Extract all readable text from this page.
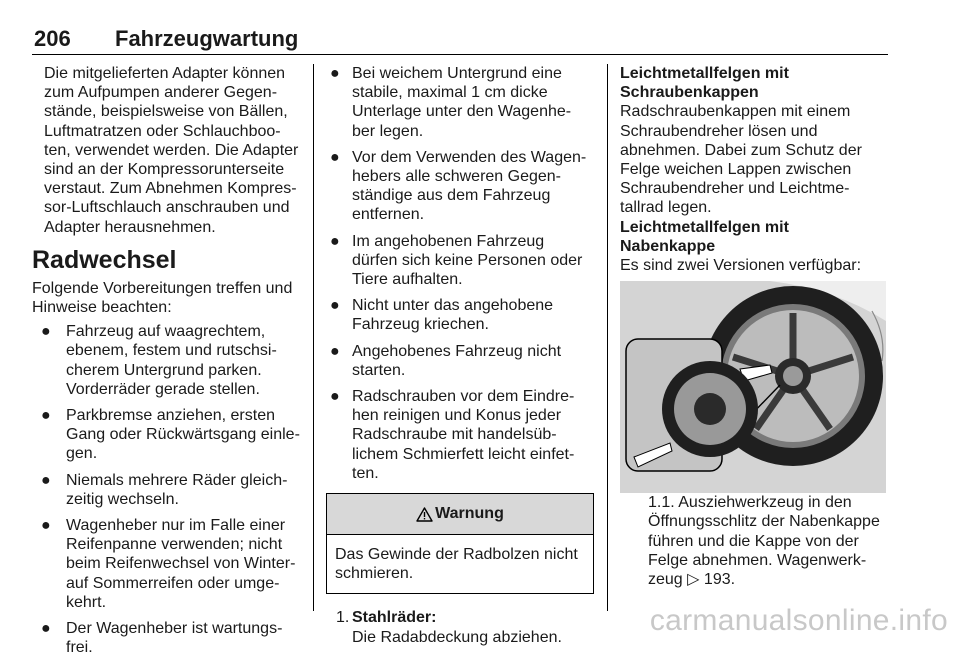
206 Fahrzeugwartung

Die mitgelieferten Adapter können
zum Aufpumpen anderer Gegen-
stände, beispielsweise von Bällen,
Luftmatratzen oder Schlauchboo-
ten, verwendet werden. Die Adapter
sind an der Kompressorunterseite
verstaut. Zum Abnehmen Kompres-
sor-Luftschlauch anschrauben und
Adapter herausnehmen.

Radwechsel

Folgende Vorbereitungen treffen und
Hinweise beachten:

● Fahrzeug auf waagrechtem,
ebenem, festem und rutschsi-
cherem Untergrund parken.
Vorderräder gerade stellen.
● Parkbremse anziehen, ersten
Gang oder Rückwärtsgang einle-
gen.
● Niemals mehrere Räder gleich-
zeitig wechseln.
● Wagenheber nur im Falle einer
Reifenpanne verwenden; nicht
beim Reifenwechsel von Winter-
auf Sommerreifen oder umge-
kehrt.
● Der Wagenheber ist wartungs-
frei.
● Bei weichem Untergrund eine
stabile, maximal 1 cm dicke
Unterlage unter den Wagenhe-
ber legen.
● Vor dem Verwenden des Wagen-
hebers alle schweren Gegen-
ständige aus dem Fahrzeug
entfernen.
● Im angehobenen Fahrzeug
dürfen sich keine Personen oder
Tiere aufhalten.
● Nicht unter das angehobene
Fahrzeug kriechen.
● Angehobenes Fahrzeug nicht
starten.
● Radschrauben vor dem Eindre-
hen reinigen und Konus jeder
Radschraube mit handelsüb-
lichem Schmierfett leicht einfet-
ten.
Warnung
Das Gewinde der Radbolzen nicht
schmieren.
1. Stahlräder:
Die Radabdeckung abziehen.

Leichtmetallfelgen mit
Schraubenkappen

Radschraubenkappen mit einem
Schraubendreher lösen und
abnehmen. Dabei zum Schutz der
Felge weichen Lappen zwischen
Schraubendreher und Leichtme-
tallrad legen.

Leichtmetallfelgen mit
Nabenkappe

Es sind zwei Versionen verfügbar:

1.1. Ausziehwerkzeug in den
Öffnungsschlitz der Nabenkappe
führen und die Kappe von der
Felge abnehmen. Wagenwerk-
zeug ▷ 193.

carmanualsonline.info
